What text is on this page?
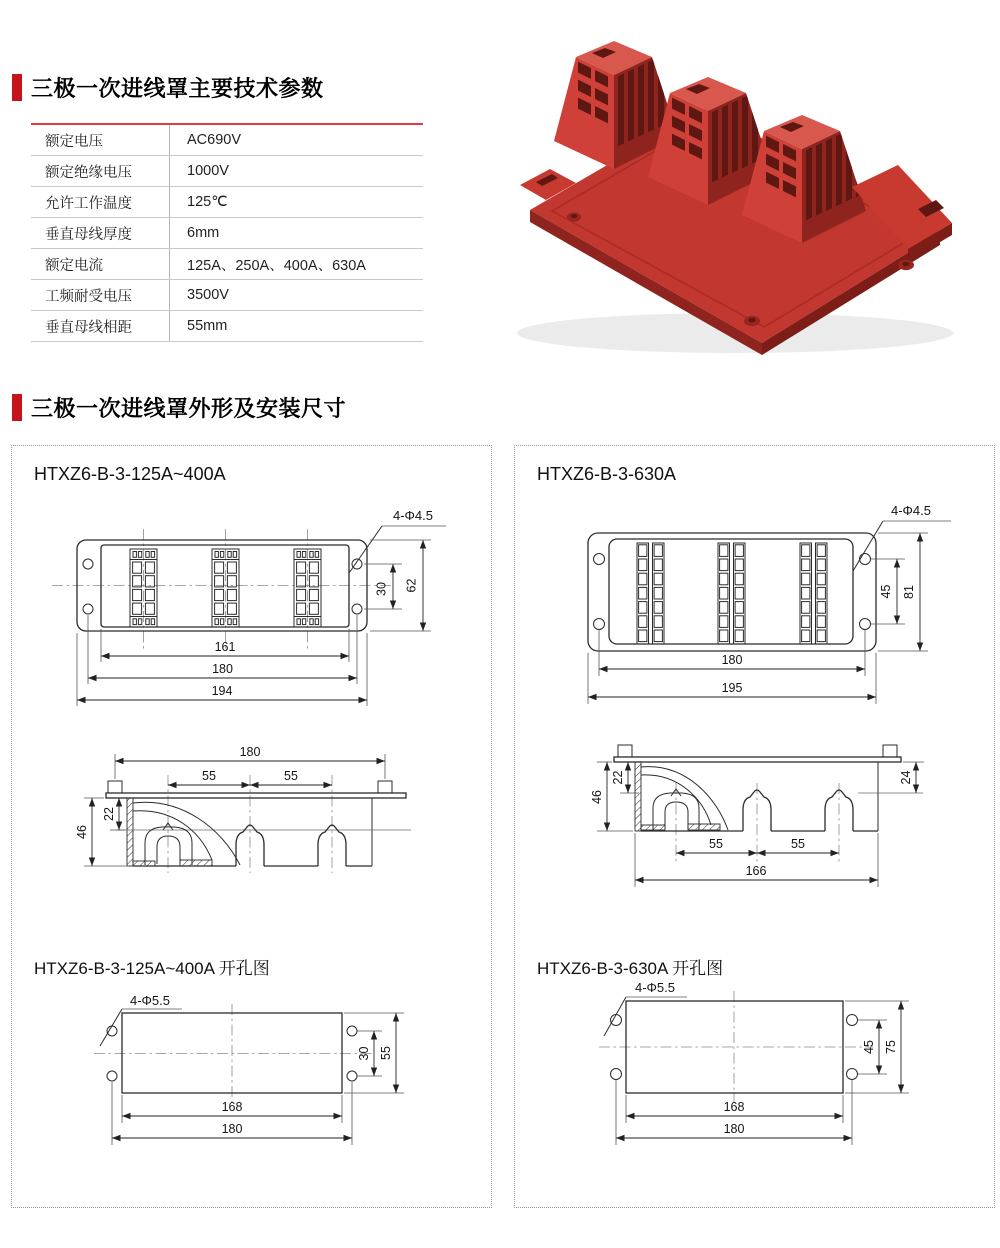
三极一次进线罩主要技术参数
额定电压	AC690V
额定绝缘电压	1000V
允许工作温度	125℃
垂直母线厚度	6mm
额定电流	125A、250A、400A、630A
工频耐受电压	3500V
垂直母线相距	55mm
三极一次进线罩外形及安装尺寸
HTXZ6-B-3-125A~400A
4-Φ4.5
30 62
161
180
194
180
55	55
22
46
HTXZ6-B-3-125A~400A 开孔图
4-Φ5.5
30 55
168
180
HTXZ6-B-3-630A
4-Φ4.5
45 81
180
195
22
46
24
55	55
166
HTXZ6-B-3-630A 开孔图
4-Φ5.5
45 75
168
180
